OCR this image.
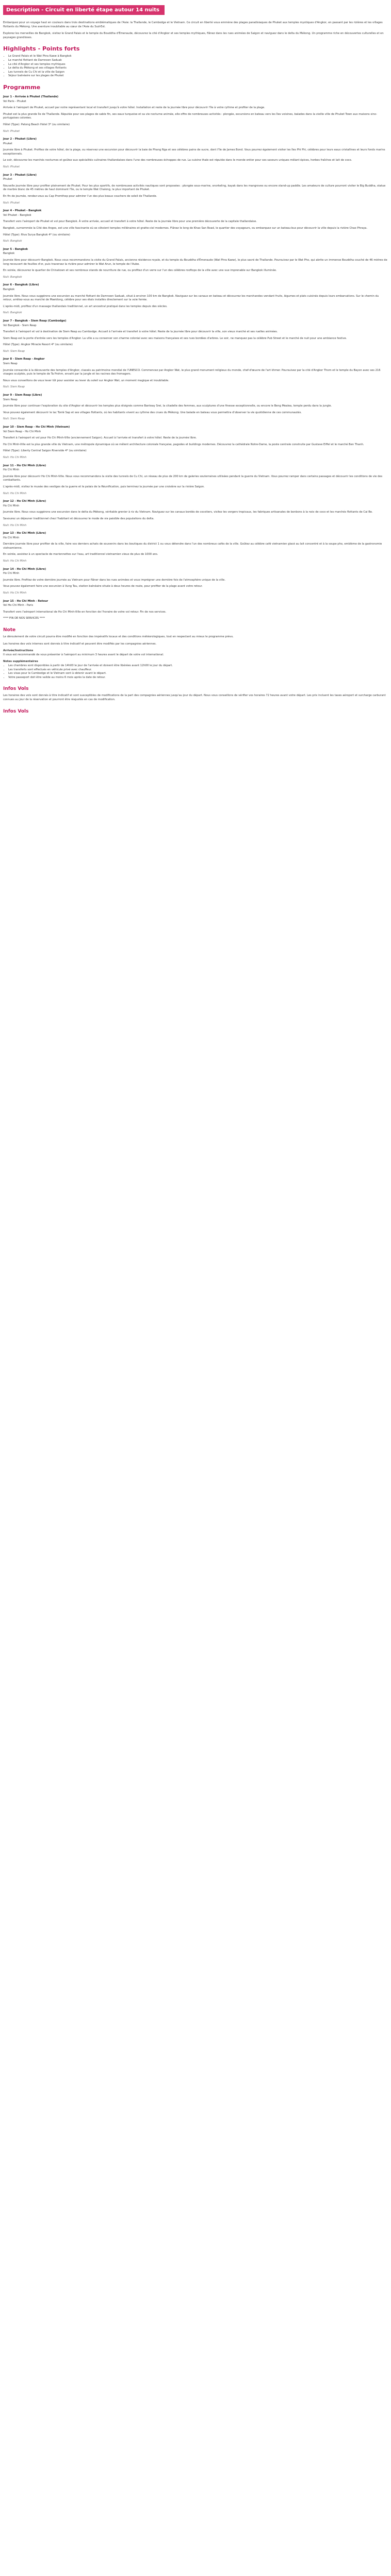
Description - Circuit en liberté étape autour 14 nuits

Embarquez pour un voyage haut en couleurs dans trois destinations emblématiques de l'Asie: la Thaïlande, le Cambodge et le Vietnam. Ce circuit en liberté vous emmène des plages paradisiaques de Phuket aux temples mystiques d'Angkor, en passant par les rizières et les villages flottants du Mékong. Une aventure inoubliable au cœur de l'Asie du Sud-Est.

Explorez les merveilles de Bangkok, visitez le Grand Palais et le temple du Bouddha d'Émeraude, découvrez la cité d'Angkor et ses temples mythiques, flânez dans les rues animées de Saigon et naviguez dans le delta du Mékong. Un programme riche en découvertes culturelles et en paysages grandioses.

Highlights - Points forts
• Le Grand Palais et le Wat Phra Kaew à Bangkok
• Le marché flottant de Damnoen Saduak
• La cité d'Angkor et ses temples mythiques
• Le delta du Mékong et ses villages flottants
• Les tunnels de Cu Chi et la ville de Saigon
• Séjour balnéaire sur les plages de Phuket
Programme
Jour 1 - Arrivée à Phuket (Thaïlande)
Vol Paris - Phuket

Arrivée à l'aéroport de Phuket, accueil par notre représentant local et transfert jusqu'à votre hôtel. Installation et reste de la journée libre pour découvrir l'île à votre rythme et profiter de la plage.

Phuket est la plus grande île de Thaïlande. Réputée pour ses plages de sable fin, ses eaux turquoise et sa vie nocturne animée, elle offre de nombreuses activités : plongée, excursions en bateau vers les îles voisines, balades dans la vieille ville de Phuket Town aux maisons sino-portugaises colorées.

Hôtel (Type): Patong Beach Hotel 3* (ou similaire)
Nuit: Phuket
Jour 2 - Phuket (Libre)
Phuket

Journée libre à Phuket. Profitez de votre hôtel, de la plage, ou réservez une excursion pour découvrir la baie de Phang Nga et ses célèbres pains de sucre, dont l'île de James Bond. Vous pourrez également visiter les îles Phi Phi, célèbres pour leurs eaux cristallines et leurs fonds marins exceptionnels.

Le soir, découvrez les marchés nocturnes et goûtez aux spécialités culinaires thaïlandaises dans l'une des nombreuses échoppes de rue. La cuisine thaïe est réputée dans le monde entier pour ses saveurs uniques mêlant épices, herbes fraîches et lait de coco.

Nuit: Phuket
Jour 3 - Phuket (Libre)
Phuket

Nouvelle journée libre pour profiter pleinement de Phuket. Pour les plus sportifs, de nombreuses activités nautiques sont proposées : plongée sous-marine, snorkeling, kayak dans les mangroves ou encore stand-up paddle. Les amateurs de culture pourront visiter le Big Buddha, statue de marbre blanc de 45 mètres de haut dominant l'île, ou le temple Wat Chalong, le plus important de Phuket.

En fin de journée, rendez-vous au Cap Promthep pour admirer l'un des plus beaux couchers de soleil de Thaïlande.

Nuit: Phuket
Jour 4 - Phuket - Bangkok
Vol Phuket - Bangkok

Transfert vers l'aéroport de Phuket et vol pour Bangkok. À votre arrivée, accueil et transfert à votre hôtel. Reste de la journée libre pour une première découverte de la capitale thaïlandaise.

Bangkok, surnommée la Cité des Anges, est une ville fascinante où se côtoient temples millénaires et gratte-ciel modernes. Flânez le long de Khao San Road, le quartier des voyageurs, ou embarquez sur un bateau-bus pour découvrir la ville depuis la rivière Chao Phraya.

Hôtel (Type): Riva Surya Bangkok 4* (ou similaire)
Nuit: Bangkok
Jour 5 - Bangkok
Bangkok

Journée libre pour découvrir Bangkok. Nous vous recommandons la visite du Grand Palais, ancienne résidence royale, et du temple du Bouddha d'Émeraude (Wat Phra Kaew), le plus sacré de Thaïlande. Poursuivez par le Wat Pho, qui abrite un immense Bouddha couché de 46 mètres de long recouvert de feuilles d'or, puis traversez la rivière pour admirer le Wat Arun, le temple de l'Aube.

En soirée, découvrez le quartier de Chinatown et ses nombreux stands de nourriture de rue, ou profitez d'un verre sur l'un des célèbres rooftops de la ville avec une vue imprenable sur Bangkok illuminée.

Nuit: Bangkok
Jour 6 - Bangkok (Libre)
Bangkok

Journée libre. Nous vous suggérons une excursion au marché flottant de Damnoen Saduak, situé à environ 100 km de Bangkok. Naviguez sur les canaux en bateau et découvrez les marchandes vendant fruits, légumes et plats cuisinés depuis leurs embarcations. Sur le chemin du retour, arrêtez-vous au marché de Maeklong, célèbre pour ses étals installés directement sur la voie ferrée.

L'après-midi, profitez d'un massage thaïlandais traditionnel, un art ancestral pratiqué dans les temples depuis des siècles.

Nuit: Bangkok
Jour 7 - Bangkok - Siem Reap (Cambodge)
Vol Bangkok - Siem Reap

Transfert à l'aéroport et vol à destination de Siem Reap au Cambodge. Accueil à l'arrivée et transfert à votre hôtel. Reste de la journée libre pour découvrir la ville, son vieux marché et ses ruelles animées.

Siem Reap est la porte d'entrée vers les temples d'Angkor. La ville a su conserver son charme colonial avec ses maisons françaises et ses rues bordées d'arbres. Le soir, ne manquez pas la célèbre Pub Street et le marché de nuit pour une ambiance festive.

Hôtel (Type): Angkor Miracle Resort 4* (ou similaire)
Nuit: Siem Reap
Jour 8 - Siem Reap - Angkor
Siem Reap

Journée consacrée à la découverte des temples d'Angkor, classés au patrimoine mondial de l'UNESCO. Commencez par Angkor Wat, le plus grand monument religieux du monde, chef-d'œuvre de l'art khmer. Poursuivez par la cité d'Angkor Thom et le temple du Bayon avec ses 216 visages sculptés, puis le temple de Ta Prohm, envahi par la jungle et les racines des fromagers.

Nous vous conseillons de vous lever tôt pour assister au lever du soleil sur Angkor Wat, un moment magique et inoubliable.

Nuit: Siem Reap
Jour 9 - Siem Reap (Libre)
Siem Reap

Journée libre pour continuer l'exploration du site d'Angkor et découvrir les temples plus éloignés comme Banteay Srei, la citadelle des femmes, aux sculptures d'une finesse exceptionnelle, ou encore le Beng Mealea, temple perdu dans la jungle.

Vous pouvez également découvrir le lac Tonlé Sap et ses villages flottants, où les habitants vivent au rythme des crues du Mékong. Une balade en bateau vous permettra d'observer la vie quotidienne de ces communautés.

Nuit: Siem Reap
Jour 10 - Siem Reap - Ho Chi Minh (Vietnam)
Vol Siem Reap - Ho Chi Minh

Transfert à l'aéroport et vol pour Ho Chi Minh-Ville (anciennement Saigon). Accueil à l'arrivée et transfert à votre hôtel. Reste de la journée libre.

Ho Chi Minh-Ville est la plus grande ville du Vietnam, une métropole dynamique où se mêlent architecture coloniale française, pagodes et buildings modernes. Découvrez la cathédrale Notre-Dame, la poste centrale construite par Gustave Eiffel et le marché Ben Thanh.

Hôtel (Type): Liberty Central Saigon Riverside 4* (ou similaire)
Nuit: Ho Chi Minh
Jour 11 - Ho Chi Minh (Libre)
Ho Chi Minh

Journée libre pour découvrir Ho Chi Minh-Ville. Nous vous recommandons la visite des tunnels de Cu Chi, un réseau de plus de 200 km de galeries souterraines utilisées pendant la guerre du Vietnam. Vous pourrez ramper dans certains passages et découvrir les conditions de vie des combattants.

L'après-midi, visitez le musée des vestiges de la guerre et le palais de la Réunification, puis terminez la journée par une croisière sur la rivière Saigon.

Nuit: Ho Chi Minh
Jour 12 - Ho Chi Minh (Libre)
Ho Chi Minh

Journée libre. Nous vous suggérons une excursion dans le delta du Mékong, véritable grenier à riz du Vietnam. Naviguez sur les canaux bordés de cocotiers, visitez les vergers tropicaux, les fabriques artisanales de bonbons à la noix de coco et les marchés flottants de Cai Be.

Savourez un déjeuner traditionnel chez l'habitant et découvrez le mode de vie paisible des populations du delta.

Nuit: Ho Chi Minh
Jour 13 - Ho Chi Minh (Libre)
Ho Chi Minh

Dernière journée libre pour profiter de la ville, faire vos derniers achats de souvenirs dans les boutiques du district 1 ou vous détendre dans l'un des nombreux cafés de la ville. Goûtez au célèbre café vietnamien glacé au lait concentré et à la soupe pho, emblème de la gastronomie vietnamienne.

En soirée, assistez à un spectacle de marionnettes sur l'eau, art traditionnel vietnamien vieux de plus de 1000 ans.

Nuit: Ho Chi Minh
Jour 14 - Ho Chi Minh (Libre)
Ho Chi Minh

Journée libre. Profitez de votre dernière journée au Vietnam pour flâner dans les rues animées et vous imprégner une dernière fois de l'atmosphère unique de la ville.

Vous pouvez également faire une excursion à Vung Tau, station balnéaire située à deux heures de route, pour profiter de la plage avant votre retour.

Nuit: Ho Chi Minh
Jour 15 - Ho Chi Minh - Retour
Vol Ho Chi Minh - Paris

Transfert vers l'aéroport international de Ho Chi Minh-Ville en fonction de l'horaire de votre vol retour. Fin de nos services.

**** FIN DE NOS SERVICES ****

Note

Le déroulement de votre circuit pourra être modifié en fonction des impératifs locaux et des conditions météorologiques, tout en respectant au mieux le programme prévu.

Les horaires des vols internes sont donnés à titre indicatif et peuvent être modifiés par les compagnies aériennes.

Arrivée/Instructions

Il vous est recommandé de vous présenter à l'aéroport au minimum 3 heures avant le départ de votre vol international.

Notes supplémentaires
• Les chambres sont disponibles à partir de 14h00 le jour de l'arrivée et doivent être libérées avant 12h00 le jour du départ.
• Les transferts sont effectués en véhicule privé avec chauffeur.
• Les visas pour le Cambodge et le Vietnam sont à obtenir avant le départ.
• Votre passeport doit être valide au moins 6 mois après la date de retour.
Infos Vols

Les horaires des vols sont donnés à titre indicatif et sont susceptibles de modifications de la part des compagnies aériennes jusqu'au jour du départ. Nous vous conseillons de vérifier vos horaires 72 heures avant votre départ. Les prix incluent les taxes aéroport et surcharge carburant connues au jour de la réservation et pourront être réajustés en cas de modification.

Infos Vols
